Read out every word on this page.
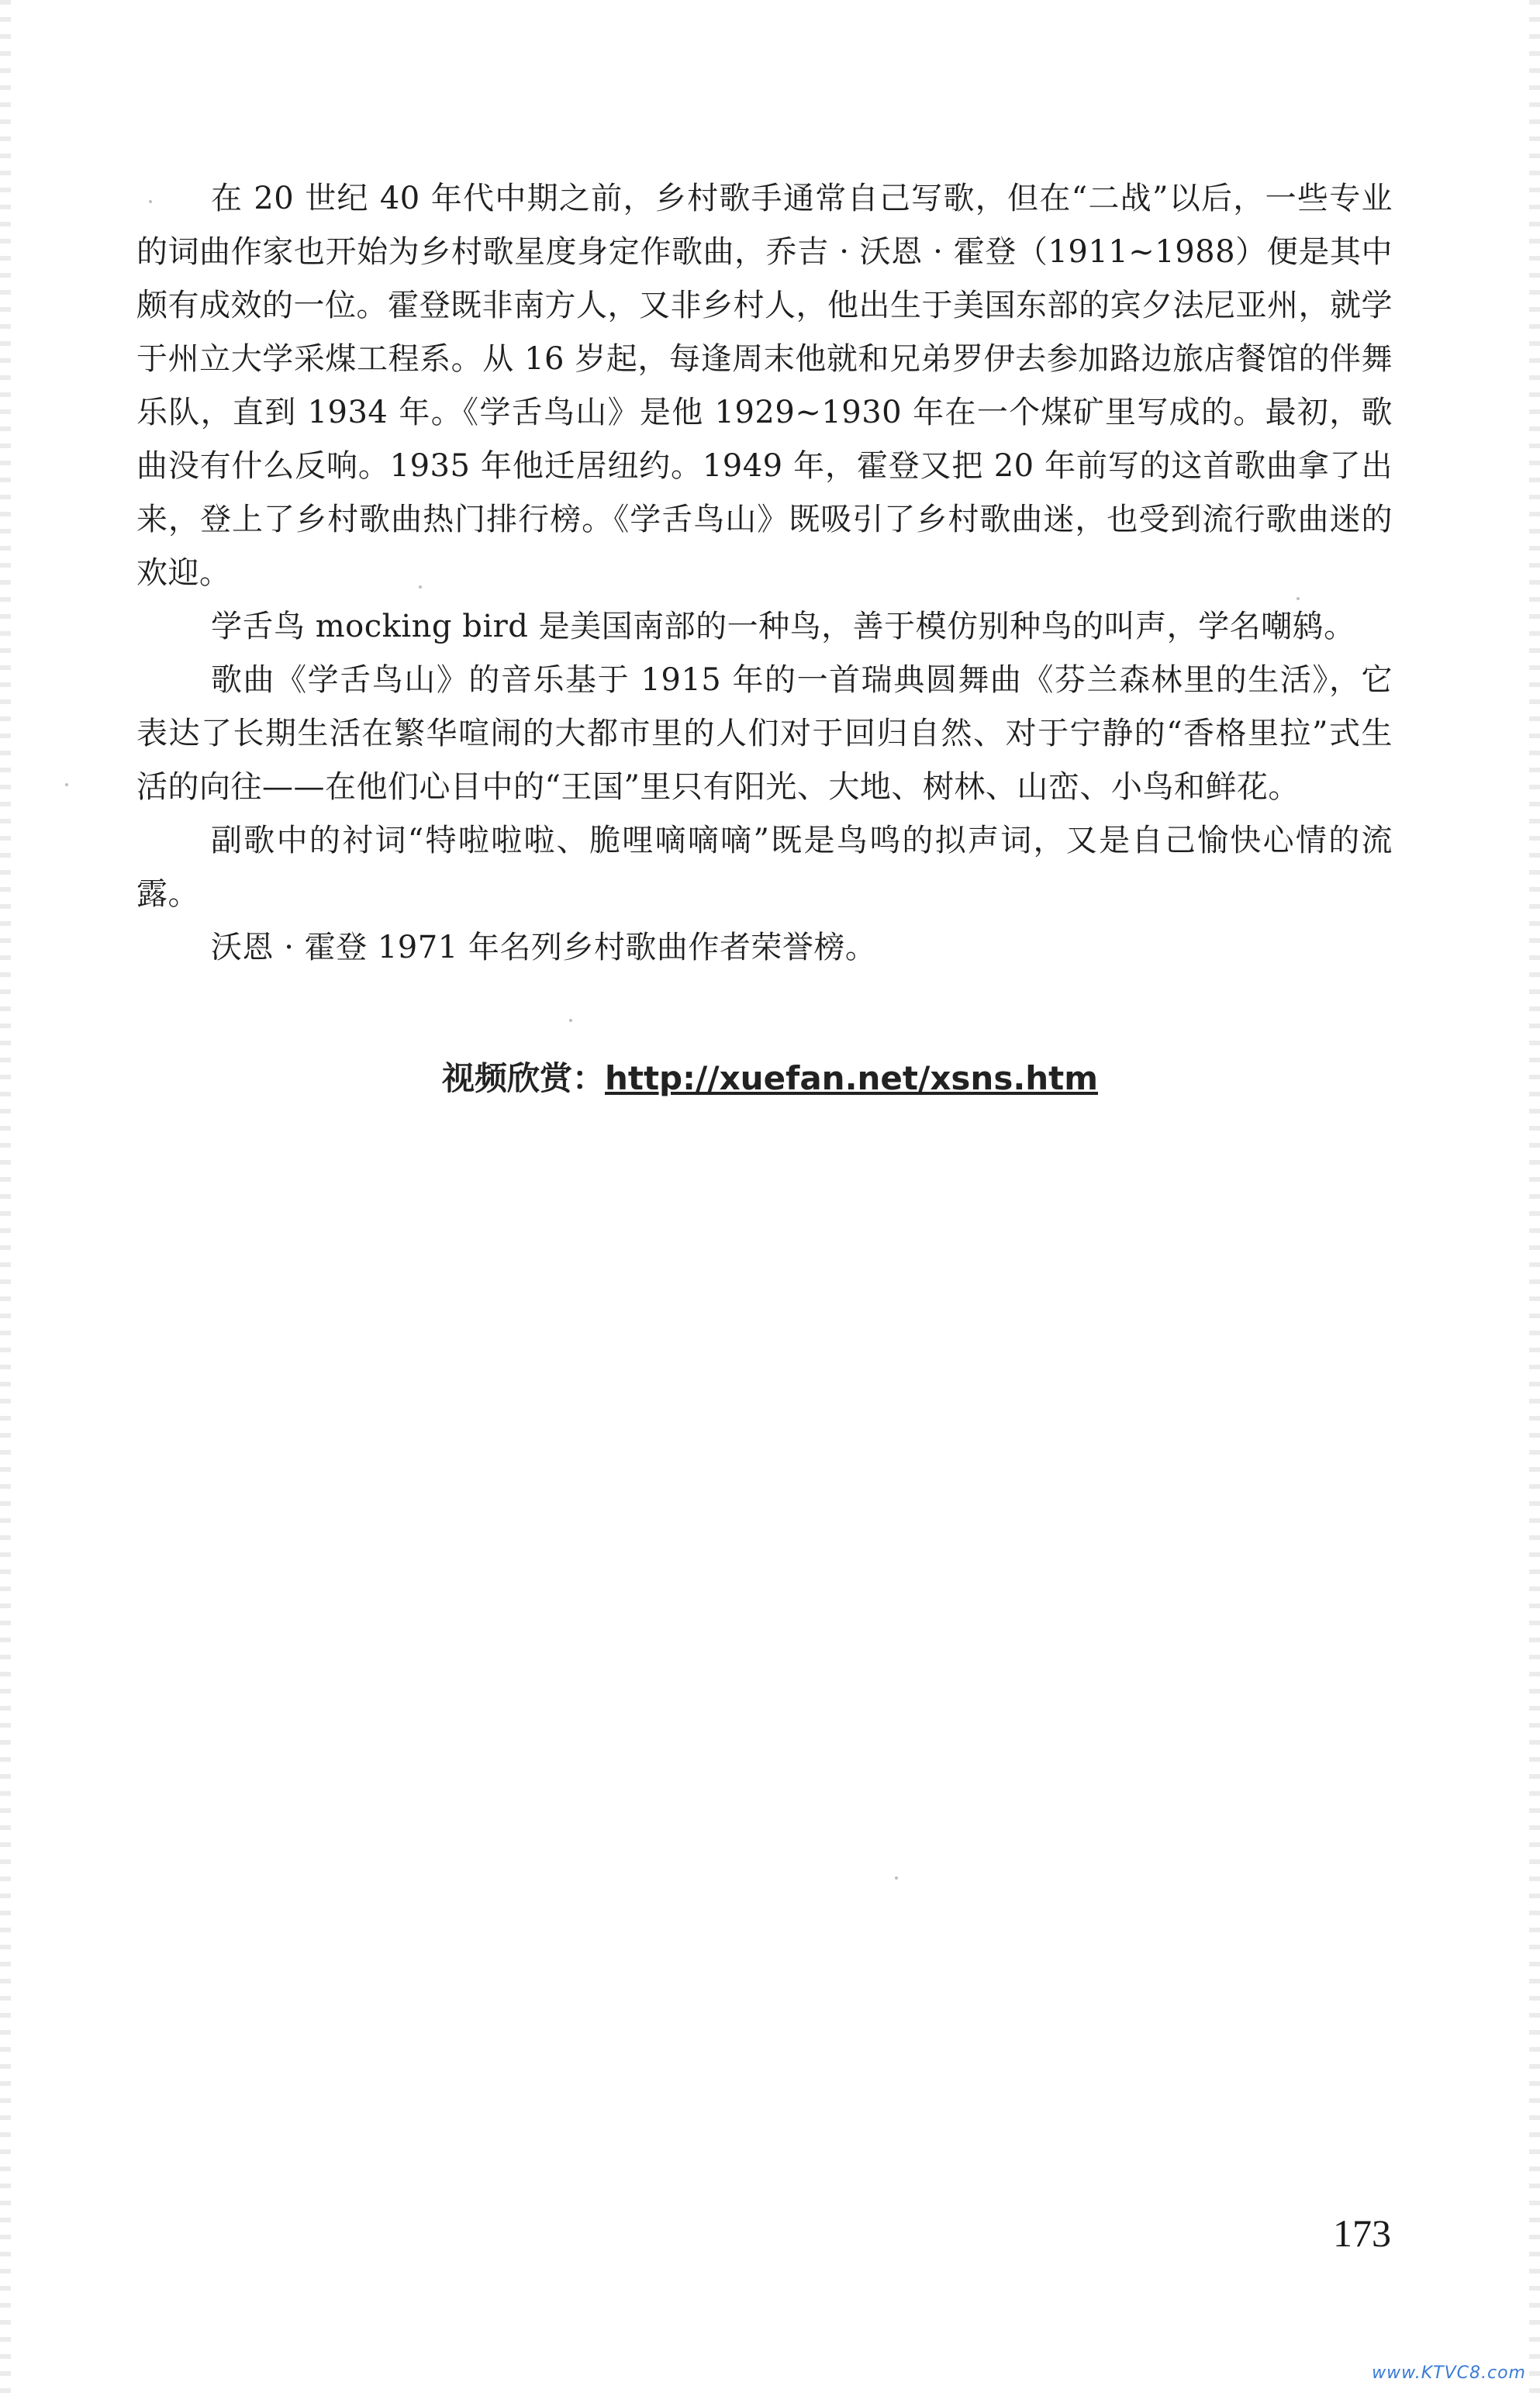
在 20 世纪 40 年代中期之前，乡村歌手通常自己写歌，但在“二战”以后，一些专业的词曲作家也开始为乡村歌星度身定作歌曲，乔吉 · 沃恩 · 霍登（1911~1988）便是其中颇有成效的一位。霍登既非南方人，又非乡村人，他出生于美国东部的宾夕法尼亚州，就学于州立大学采煤工程系。从 16 岁起，每逢周末他就和兄弟罗伊去参加路边旅店餐馆的伴舞乐队，直到 1934 年。《学舌鸟山》是他 1929~1930 年在一个煤矿里写成的。最初，歌曲没有什么反响。1935 年他迁居纽约。1949 年，霍登又把 20 年前写的这首歌曲拿了出来，登上了乡村歌曲热门排行榜。《学舌鸟山》既吸引了乡村歌曲迷，也受到流行歌曲迷的欢迎。

学舌鸟 mocking bird 是美国南部的一种鸟，善于模仿别种鸟的叫声，学名嘲鸫。

歌曲《学舌鸟山》的音乐基于 1915 年的一首瑞典圆舞曲《芬兰森林里的生活》，它表达了长期生活在繁华喧闹的大都市里的人们对于回归自然、对于宁静的“香格里拉”式生活的向往——在他们心目中的“王国”里只有阳光、大地、树林、山峦、小鸟和鲜花。

副歌中的衬词“特啦啦啦、脆哩嘀嘀嘀”既是鸟鸣的拟声词，又是自己愉快心情的流露。

沃恩 · 霍登 1971 年名列乡村歌曲作者荣誉榜。

视频欣赏：http://xuefan.net/xsns.htm
173
www.KTVC8.com
